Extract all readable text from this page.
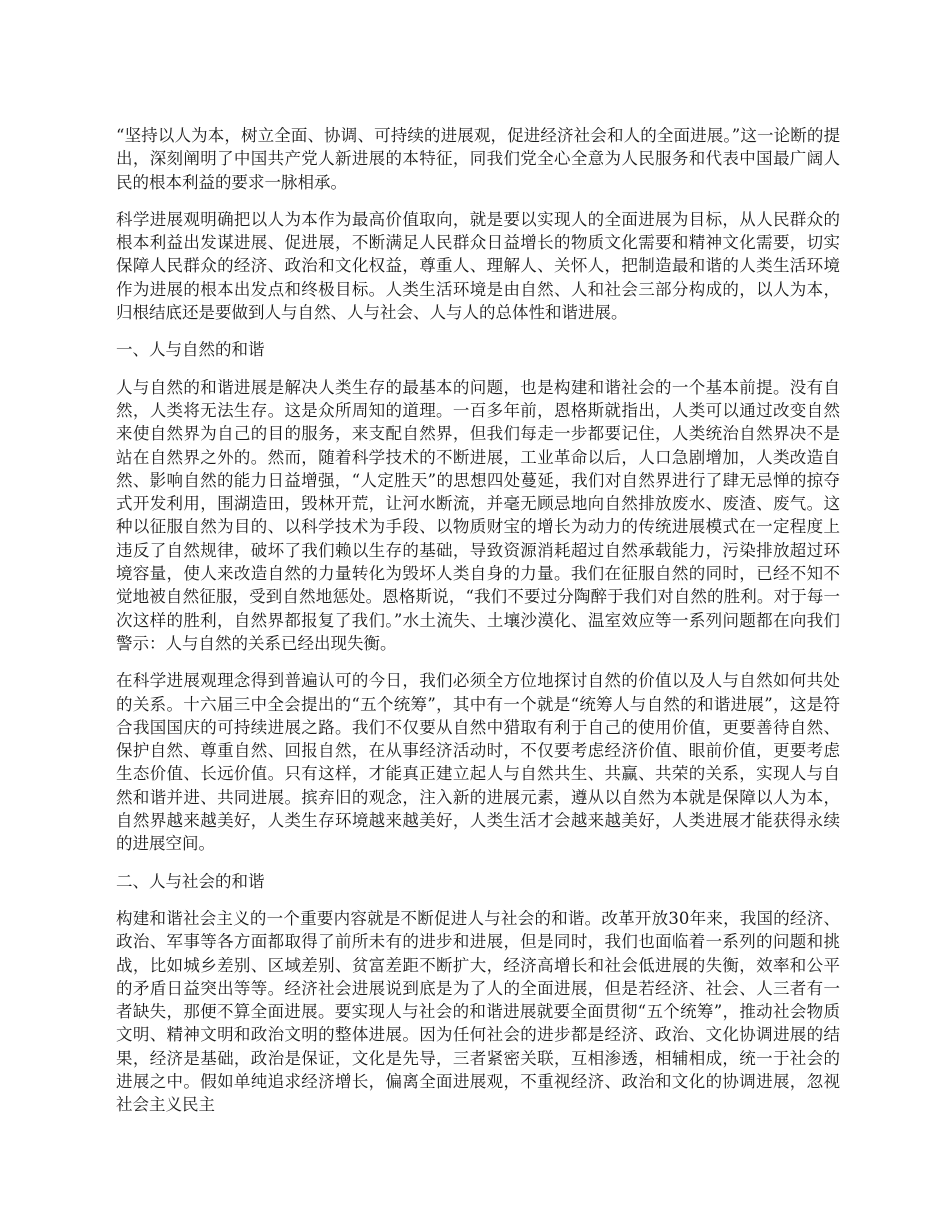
“坚持以人为本，树立全面、协调、可持续的进展观，促进经济社会和人的全面进展。”这一论断的提出，深刻阐明了中国共产党人新进展的本特征，同我们党全心全意为人民服务和代表中国最广阔人民的根本利益的要求一脉相承。

科学进展观明确把以人为本作为最高价值取向，就是要以实现人的全面进展为目标，从人民群众的根本利益出发谋进展、促进展，不断满足人民群众日益增长的物质文化需要和精神文化需要，切实保障人民群众的经济、政治和文化权益，尊重人、理解人、关怀人，把制造最和谐的人类生活环境作为进展的根本出发点和终极目标。人类生活环境是由自然、人和社会三部分构成的，以人为本，归根结底还是要做到人与自然、人与社会、人与人的总体性和谐进展。

一、人与自然的和谐

人与自然的和谐进展是解决人类生存的最基本的问题，也是构建和谐社会的一个基本前提。没有自然，人类将无法生存。这是众所周知的道理。一百多年前，恩格斯就指出，人类可以通过改变自然来使自然界为自己的目的服务，来支配自然界，但我们每走一步都要记住，人类统治自然界决不是站在自然界之外的。然而，随着科学技术的不断进展，工业革命以后，人口急剧增加，人类改造自然、影响自然的能力日益增强，“人定胜天”的思想四处蔓延，我们对自然界进行了肆无忌惮的掠夺式开发利用，围湖造田，毁林开荒，让河水断流，并毫无顾忌地向自然排放废水、废渣、废气。这种以征服自然为目的、以科学技术为手段、以物质财宝的增长为动力的传统进展模式在一定程度上违反了自然规律，破坏了我们赖以生存的基础，导致资源消耗超过自然承载能力，污染排放超过环境容量，使人来改造自然的力量转化为毁坏人类自身的力量。我们在征服自然的同时，已经不知不觉地被自然征服，受到自然地惩处。恩格斯说，“我们不要过分陶醉于我们对自然的胜利。对于每一次这样的胜利，自然界都报复了我们。”水土流失、土壤沙漠化、温室效应等一系列问题都在向我们警示：人与自然的关系已经出现失衡。

在科学进展观理念得到普遍认可的今日，我们必须全方位地探讨自然的价值以及人与自然如何共处的关系。十六届三中全会提出的“五个统筹”，其中有一个就是“统筹人与自然的和谐进展”，这是符合我国国庆的可持续进展之路。我们不仅要从自然中猎取有利于自己的使用价值，更要善待自然、保护自然、尊重自然、回报自然，在从事经济活动时，不仅要考虑经济价值、眼前价值，更要考虑生态价值、长远价值。只有这样，才能真正建立起人与自然共生、共赢、共荣的关系，实现人与自然和谐并进、共同进展。摈弃旧的观念，注入新的进展元素，遵从以自然为本就是保障以人为本，自然界越来越美好，人类生存环境越来越美好，人类生活才会越来越美好，人类进展才能获得永续的进展空间。

二、人与社会的和谐

构建和谐社会主义的一个重要内容就是不断促进人与社会的和谐。改革开放30年来，我国的经济、政治、军事等各方面都取得了前所未有的进步和进展，但是同时，我们也面临着一系列的问题和挑战，比如城乡差别、区域差别、贫富差距不断扩大，经济高增长和社会低进展的失衡，效率和公平的矛盾日益突出等等。经济社会进展说到底是为了人的全面进展，但是若经济、社会、人三者有一者缺失，那便不算全面进展。要实现人与社会的和谐进展就要全面贯彻“五个统筹”，推动社会物质文明、精神文明和政治文明的整体进展。因为任何社会的进步都是经济、政治、文化协调进展的结果，经济是基础，政治是保证，文化是先导，三者紧密关联，互相渗透，相辅相成，统一于社会的进展之中。假如单纯追求经济增长，偏离全面进展观，不重视经济、政治和文化的协调进展，忽视社会主义民主
